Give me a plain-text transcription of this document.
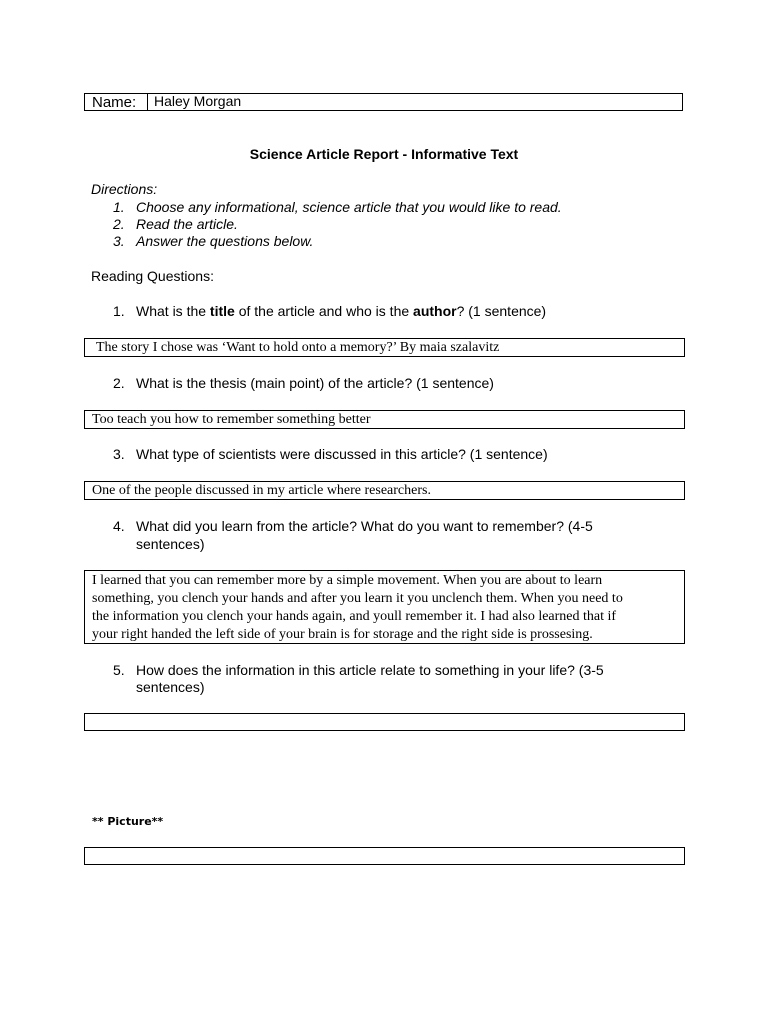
Name: Haley Morgan
Science Article Report - Informative Text
Directions:
1. Choose any informational, science article that you would like to read.
2. Read the article.
3. Answer the questions below.
Reading Questions:
1. What is the title of the article and who is the author? (1 sentence)
The story I chose was ‘Want to hold onto a memory?’ By maia szalavitz
2. What is the thesis (main point) of the article? (1 sentence)
Too teach you how to remember something better
3. What type of scientists were discussed in this article? (1 sentence)
One of the people discussed in my article where researchers.
4. What did you learn from the article? What do you want to remember? (4-5
sentences)
I learned that you can remember more by a simple movement. When you are about to learn
something, you clench your hands and after you learn it you unclench them. When you need to
the information you clench your hands again, and youll remember it. I had also learned that if
your right handed the left side of your brain is for storage and the right side is prossesing.
5. How does the information in this article relate to something in your life? (3-5
sentences)
** Picture**
